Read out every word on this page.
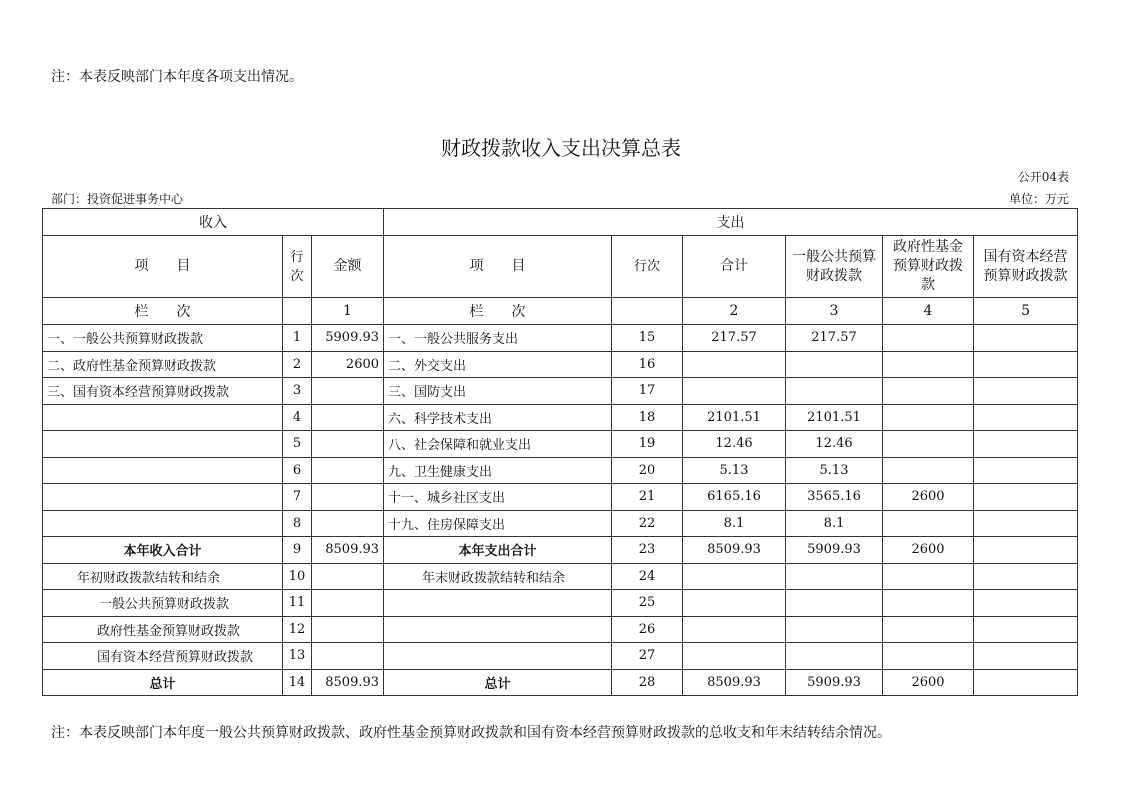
注：本表反映部门本年度各项支出情况。
财政拨款收入支出决算总表
公开04表
部门：投资促进事务中心	单位：万元
收入			支出					
项　　目	行次	金额	项　　目	行次	合计	一般公共预算财政拨款	政府性基金预算财政拨款	国有资本经营预算财政拨款
栏　　次		1	栏　　次		2	3	4	5
一、一般公共预算财政拨款	1	5909.93	一、一般公共服务支出	15	217.57	217.57		
二、政府性基金预算财政拨款	2	2600	二、外交支出	16				
三、国有资本经营预算财政拨款	3		三、国防支出	17				
	4		六、科学技术支出	18	2101.51	2101.51		
	5		八、社会保障和就业支出	19	12.46	12.46		
	6		九、卫生健康支出	20	5.13	5.13		
	7		十一、城乡社区支出	21	6165.16	3565.16	2600	
	8		十九、住房保障支出	22	8.1	8.1		
本年收入合计	9	8509.93	本年支出合计	23	8509.93	5909.93	2600	
年初财政拨款结转和结余	10		年末财政拨款结转和结余	24				
一般公共预算财政拨款	11			25				
政府性基金预算财政拨款	12			26				
国有资本经营预算财政拨款	13			27				
总计	14	8509.93	总计	28	8509.93	5909.93	2600	
注：本表反映部门本年度一般公共预算财政拨款、政府性基金预算财政拨款和国有资本经营预算财政拨款的总收支和年末结转结余情况。
